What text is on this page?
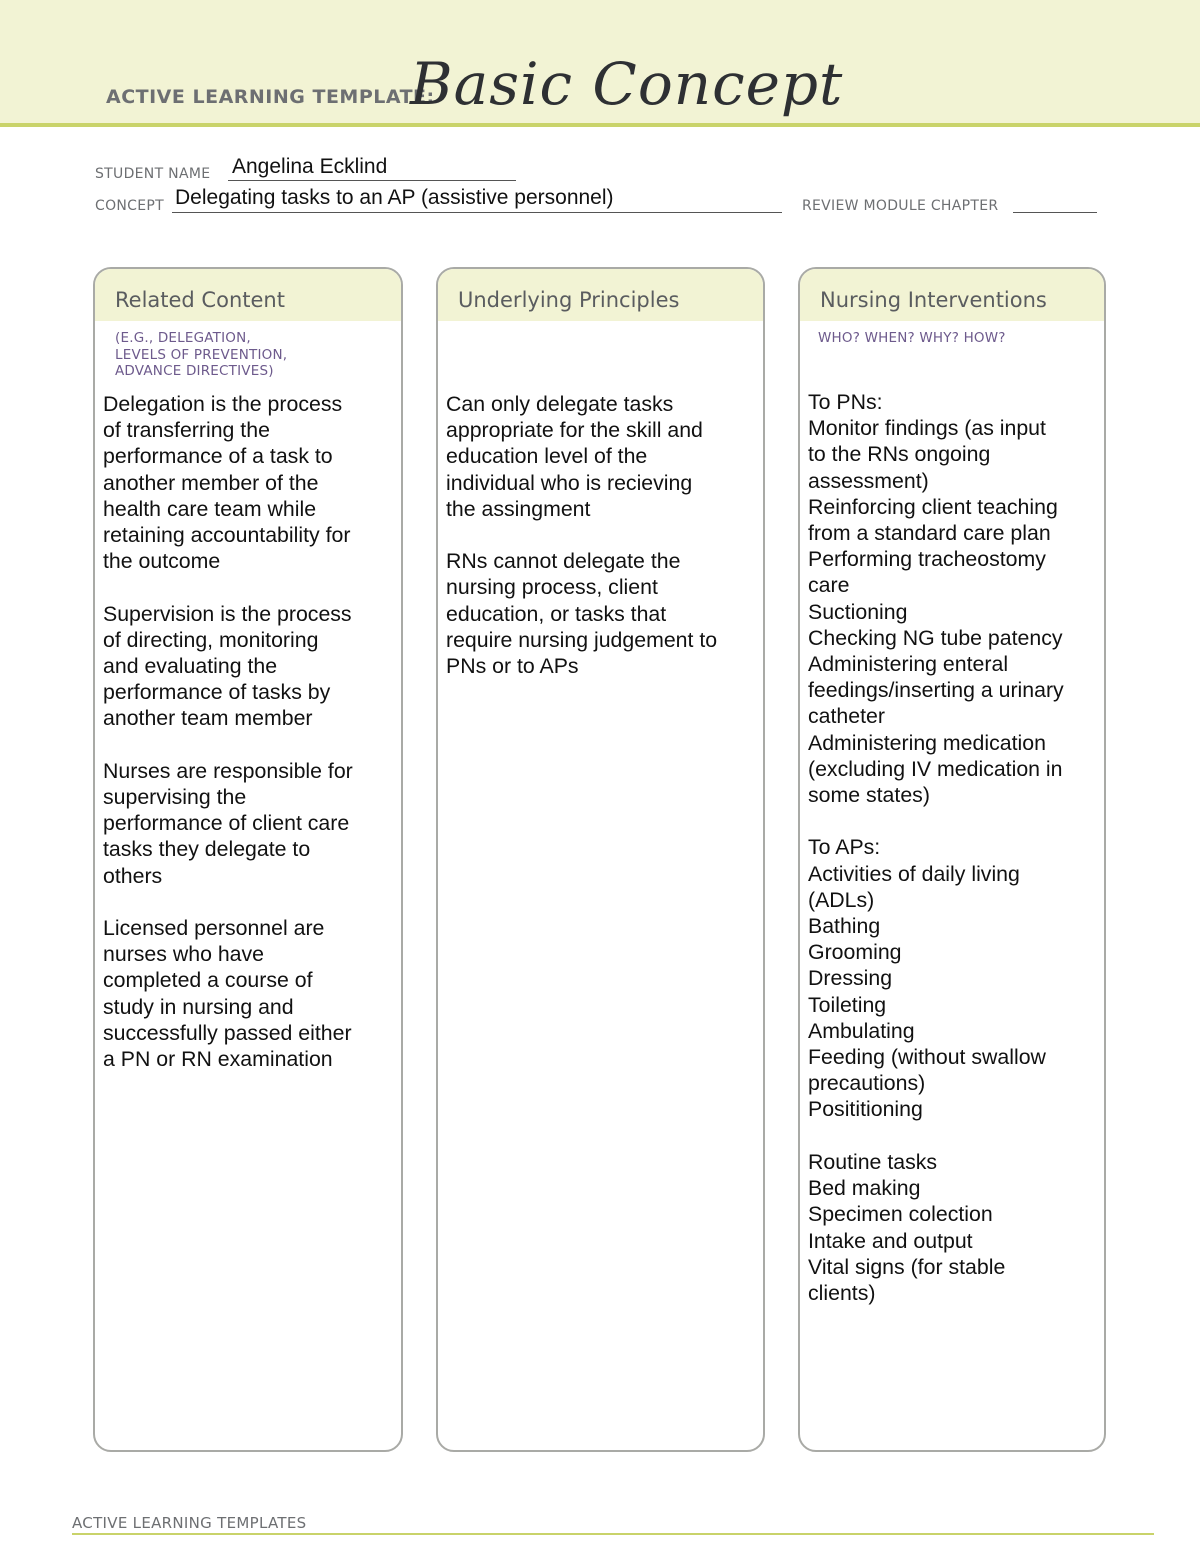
ACTIVE LEARNING TEMPLATE:
Basic Concept
STUDENT NAME Angelina Ecklind
CONCEPT Delegating tasks to an AP (assistive personnel)	REVIEW MODULE CHAPTER
Related Content
(E.G., DELEGATION,
LEVELS OF PREVENTION,
ADVANCE DIRECTIVES)
Delegation is the process
of transferring the
performance of a task to
another member of the
health care team while
retaining accountability for
the outcome

Supervision is the process
of directing, monitoring
and evaluating the
performance of tasks by
another team member

Nurses are responsible for
supervising the
performance of client care
tasks they delegate to
others

Licensed personnel are
nurses who have
completed a course of
study in nursing and
successfully passed either
a PN or RN examination
Underlying Principles
Can only delegate tasks
appropriate for the skill and
education level of the
individual who is recieving
the assingment

RNs cannot delegate the
nursing process, client
education, or tasks that
require nursing judgement to
PNs or to APs
Nursing Interventions
WHO? WHEN? WHY? HOW?
To PNs:
Monitor findings (as input
to the RNs ongoing
assessment)
Reinforcing client teaching
from a standard care plan
Performing tracheostomy
care
Suctioning
Checking NG tube patency
Administering enteral
feedings/inserting a urinary
catheter
Administering medication
(excluding IV medication in
some states)

To APs:
Activities of daily living
(ADLs)
Bathing
Grooming
Dressing
Toileting
Ambulating
Feeding (without swallow
precautions)
Posititioning

Routine tasks
Bed making
Specimen colection
Intake and output
Vital signs (for stable
clients)
ACTIVE LEARNING TEMPLATES
